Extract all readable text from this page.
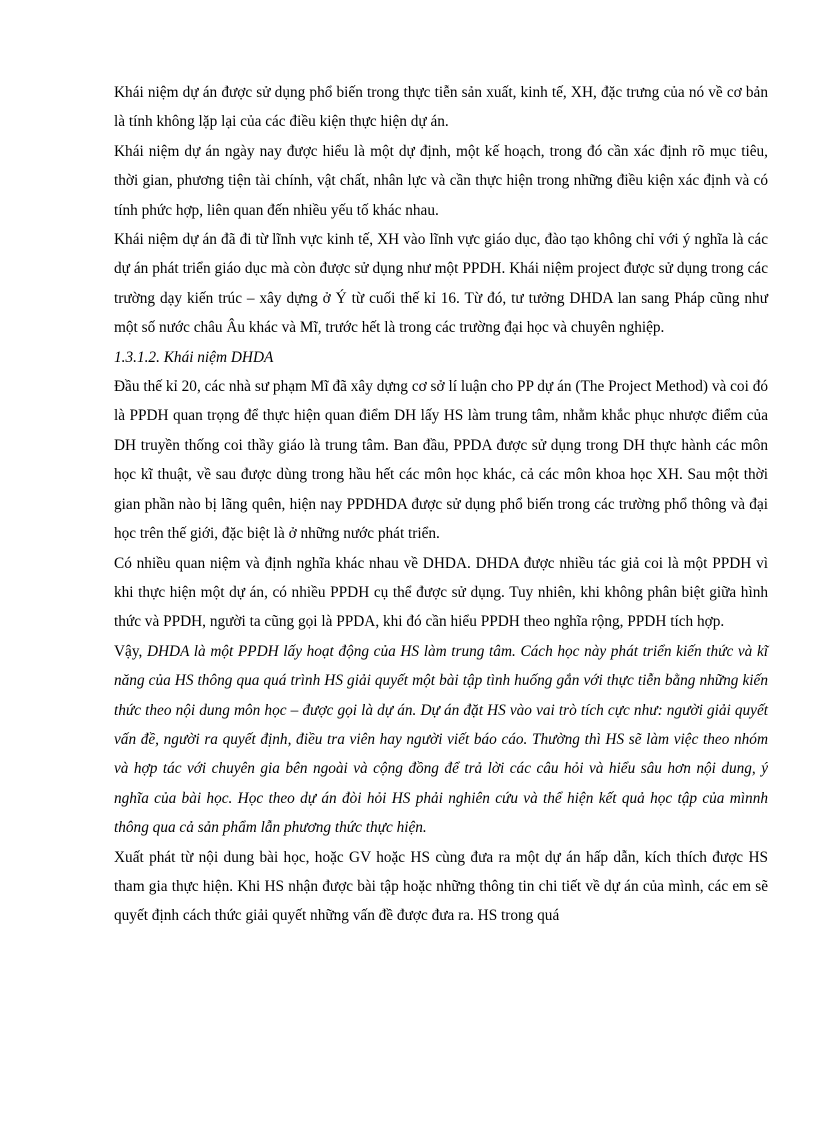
Khái niệm dự án được sử dụng phổ biến trong thực tiễn sản xuất, kinh tế, XH, đặc trưng của nó về cơ bản là tính không lặp lại của các điều kiện thực hiện dự án.

Khái niệm dự án ngày nay được hiểu là một dự định, một kế hoạch, trong đó cần xác định rõ mục tiêu, thời gian, phương tiện tài chính, vật chất, nhân lực và cần thực hiện trong những điều kiện xác định và có tính phức hợp, liên quan đến nhiều yếu tố khác nhau.

Khái niệm dự án đã đi từ lĩnh vực kinh tế, XH vào lĩnh vực giáo dục, đào tạo không chỉ với ý nghĩa là các dự án phát triển giáo dục mà còn được sử dụng như một PPDH. Khái niệm project được sử dụng trong các trường dạy kiến trúc – xây dựng ở Ý từ cuối thế kỉ 16. Từ đó, tư tưởng DHDA lan sang Pháp cũng như một số nước châu Âu khác và Mĩ, trước hết là trong các trường đại học và chuyên nghiệp.

1.3.1.2. Khái niệm DHDA

Đầu thế kỉ 20, các nhà sư phạm Mĩ đã xây dựng cơ sở lí luận cho PP dự án (The Project Method) và coi đó là PPDH quan trọng để thực hiện quan điểm DH lấy HS làm trung tâm, nhằm khắc phục nhược điểm của DH truyền thống coi thầy giáo là trung tâm. Ban đầu, PPDA được sử dụng trong DH thực hành các môn học kĩ thuật, về sau được dùng trong hầu hết các môn học khác, cả các môn khoa học XH. Sau một thời gian phần nào bị lãng quên, hiện nay PPDHDA được sử dụng phổ biến trong các trường phổ thông và đại học trên thế giới, đặc biệt là ở những nước phát triển.

Có nhiều quan niệm và định nghĩa khác nhau về DHDA. DHDA được nhiều tác giả coi là một PPDH vì khi thực hiện một dự án, có nhiều PPDH cụ thể được sử dụng. Tuy nhiên, khi không phân biệt giữa hình thức và PPDH, người ta cũng gọi là PPDA, khi đó cần hiểu PPDH theo nghĩa rộng, PPDH tích hợp.

Vậy, DHDA là một PPDH lấy hoạt động của HS làm trung tâm. Cách học này phát triển kiến thức và kĩ năng của HS thông qua quá trình HS giải quyết một bài tập tình huống gắn với thực tiễn bằng những kiến thức theo nội dung môn học – được gọi là dự án. Dự án đặt HS vào vai trò tích cực như: người giải quyết vấn đề, người ra quyết định, điều tra viên hay người viết báo cáo. Thường thì HS sẽ làm việc theo nhóm và hợp tác với chuyên gia bên ngoài và cộng đồng để trả lời các câu hỏi và hiểu sâu hơn nội dung, ý nghĩa của bài học. Học theo dự án đòi hỏi HS phải nghiên cứu và thể hiện kết quả học tập của mìnnh thông qua cả sản phẩm lẫn phương thức thực hiện.

Xuất phát từ nội dung bài học, hoặc GV hoặc HS cùng đưa ra một dự án hấp dẫn, kích thích được HS tham gia thực hiện. Khi HS nhận được bài tập hoặc những thông tin chi tiết về dự án của mình, các em sẽ quyết định cách thức giải quyết những vấn đề được đưa ra. HS trong quá
